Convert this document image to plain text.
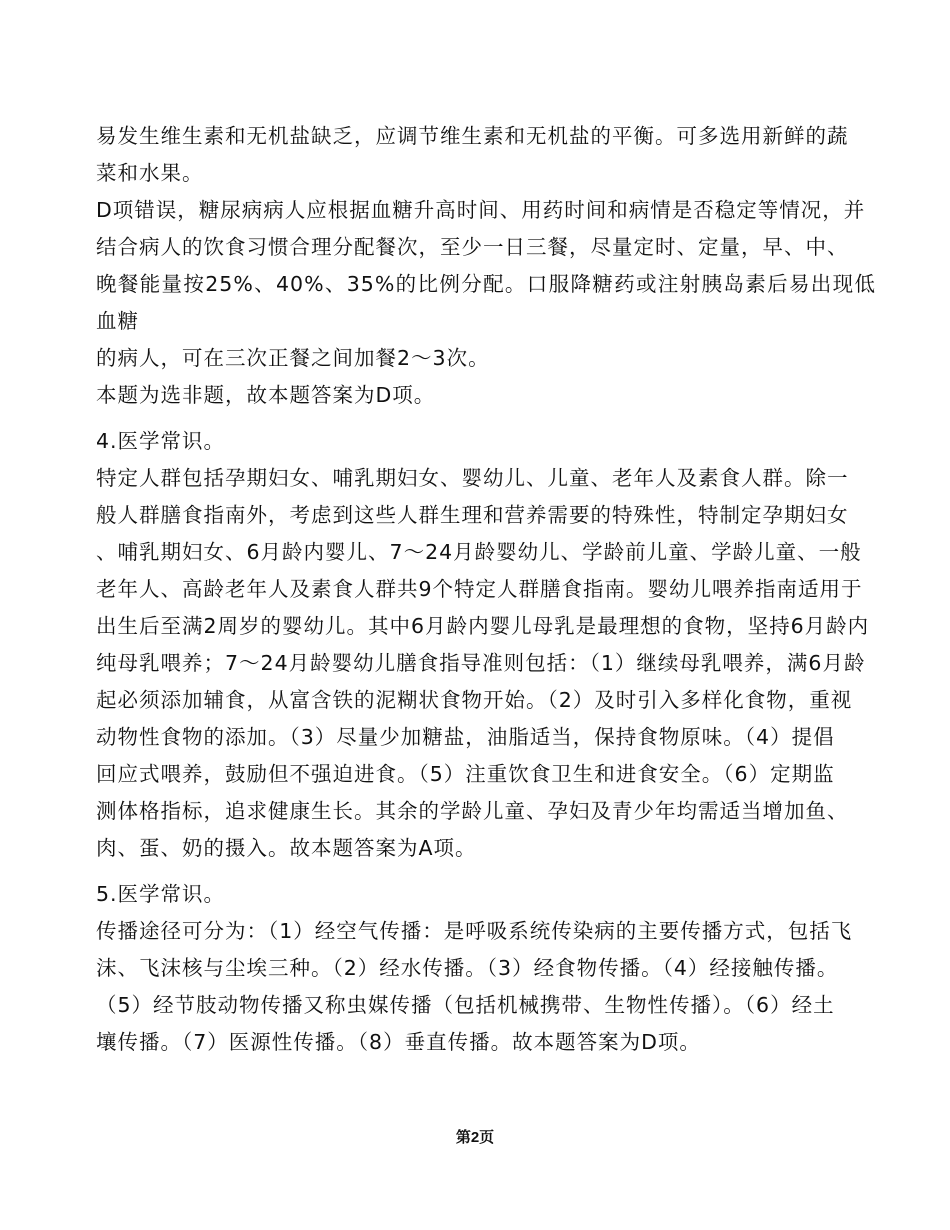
易发生维生素和无机盐缺乏，应调节维生素和无机盐的平衡。可多选用新鲜的蔬
菜和水果。

D项错误，糖尿病病人应根据血糖升高时间、用药时间和病情是否稳定等情况，并
结合病人的饮食习惯合理分配餐次，至少一日三餐，尽量定时、定量，早、中、
晚餐能量按25%、40%、35%的比例分配。口服降糖药或注射胰岛素后易出现低血糖
的病人，可在三次正餐之间加餐2～3次。

本题为选非题，故本题答案为D项。

4.医学常识。

特定人群包括孕期妇女、哺乳期妇女、婴幼儿、儿童、老年人及素食人群。除一
般人群膳食指南外，考虑到这些人群生理和营养需要的特殊性，特制定孕期妇女
、哺乳期妇女、6月龄内婴儿、7～24月龄婴幼儿、学龄前儿童、学龄儿童、一般
老年人、高龄老年人及素食人群共9个特定人群膳食指南。婴幼儿喂养指南适用于
出生后至满2周岁的婴幼儿。其中6月龄内婴儿母乳是最理想的食物，坚持6月龄内
纯母乳喂养；7～24月龄婴幼儿膳食指导准则包括：（1）继续母乳喂养，满6月龄
起必须添加辅食，从富含铁的泥糊状食物开始。（2）及时引入多样化食物，重视
动物性食物的添加。（3）尽量少加糖盐，油脂适当，保持食物原味。（4）提倡
回应式喂养，鼓励但不强迫进食。（5）注重饮食卫生和进食安全。（6）定期监
测体格指标，追求健康生长。其余的学龄儿童、孕妇及青少年均需适当增加鱼、
肉、蛋、奶的摄入。故本题答案为A项。

5.医学常识。

传播途径可分为：（1）经空气传播：是呼吸系统传染病的主要传播方式，包括飞
沫、飞沫核与尘埃三种。（2）经水传播。（3）经食物传播。（4）经接触传播。
（5）经节肢动物传播又称虫媒传播（包括机械携带、生物性传播）。（6）经土
壤传播。（7）医源性传播。（8）垂直传播。故本题答案为D项。

第2页
